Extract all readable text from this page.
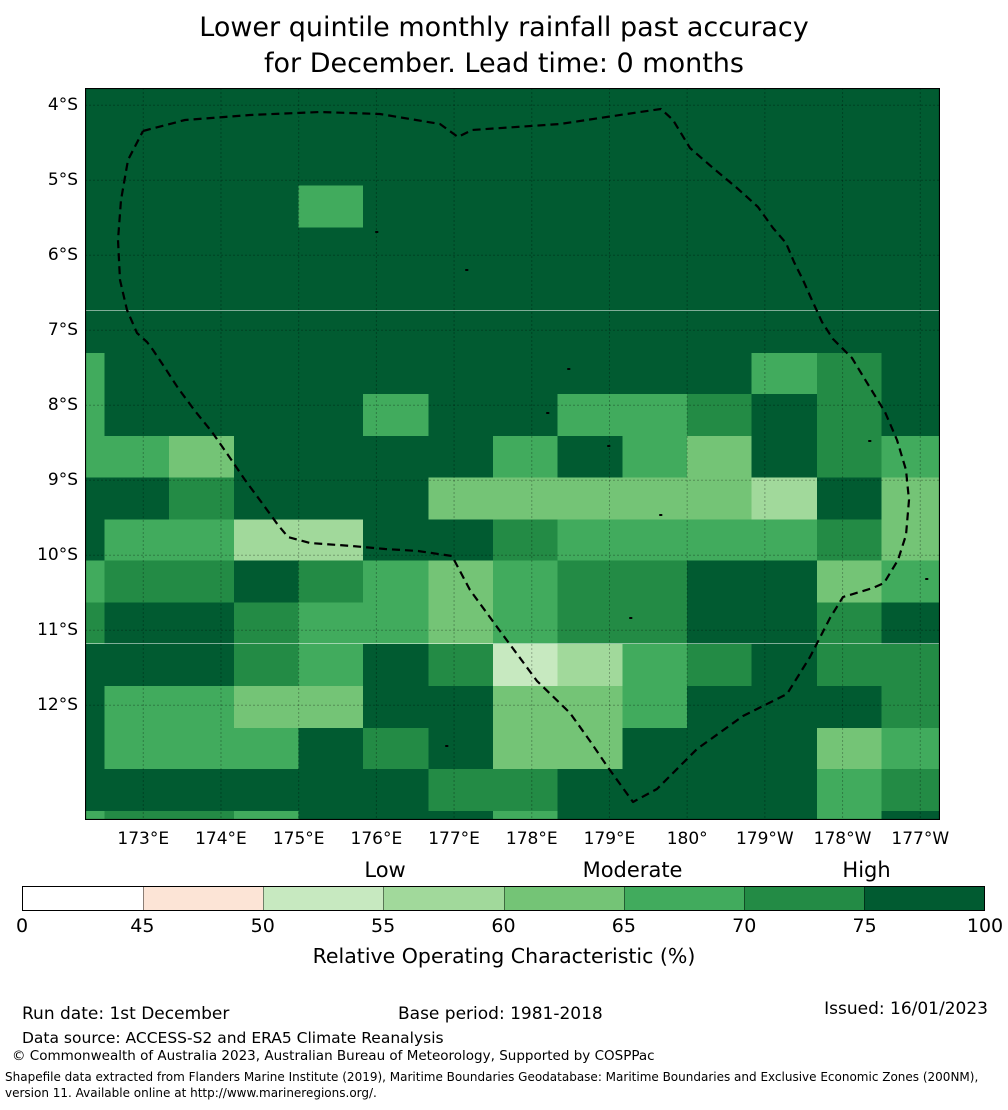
Lower quintile monthly rainfall past accuracy
for December. Lead time: 0 months
4°S
5°S
6°S
7°S
8°S
9°S
10°S
11°S
12°S
173°E	174°E	175°E	176°E	177°E	178°E	179°E	180°	179°W	178°W	177°W
Low	Moderate	High
0	45	50	55	60	65	70	75	100
Relative Operating Characteristic (%)
Run date: 1st December	Base period: 1981-2018	Issued: 16/01/2023
Data source: ACCESS-S2 and ERA5 Climate Reanalysis
© Commonwealth of Australia 2023, Australian Bureau of Meteorology, Supported by COSPPac
Shapefile data extracted from Flanders Marine Institute (2019), Maritime Boundaries Geodatabase: Maritime Boundaries and Exclusive Economic Zones (200NM),
version 11. Available online at http://www.marineregions.org/.
